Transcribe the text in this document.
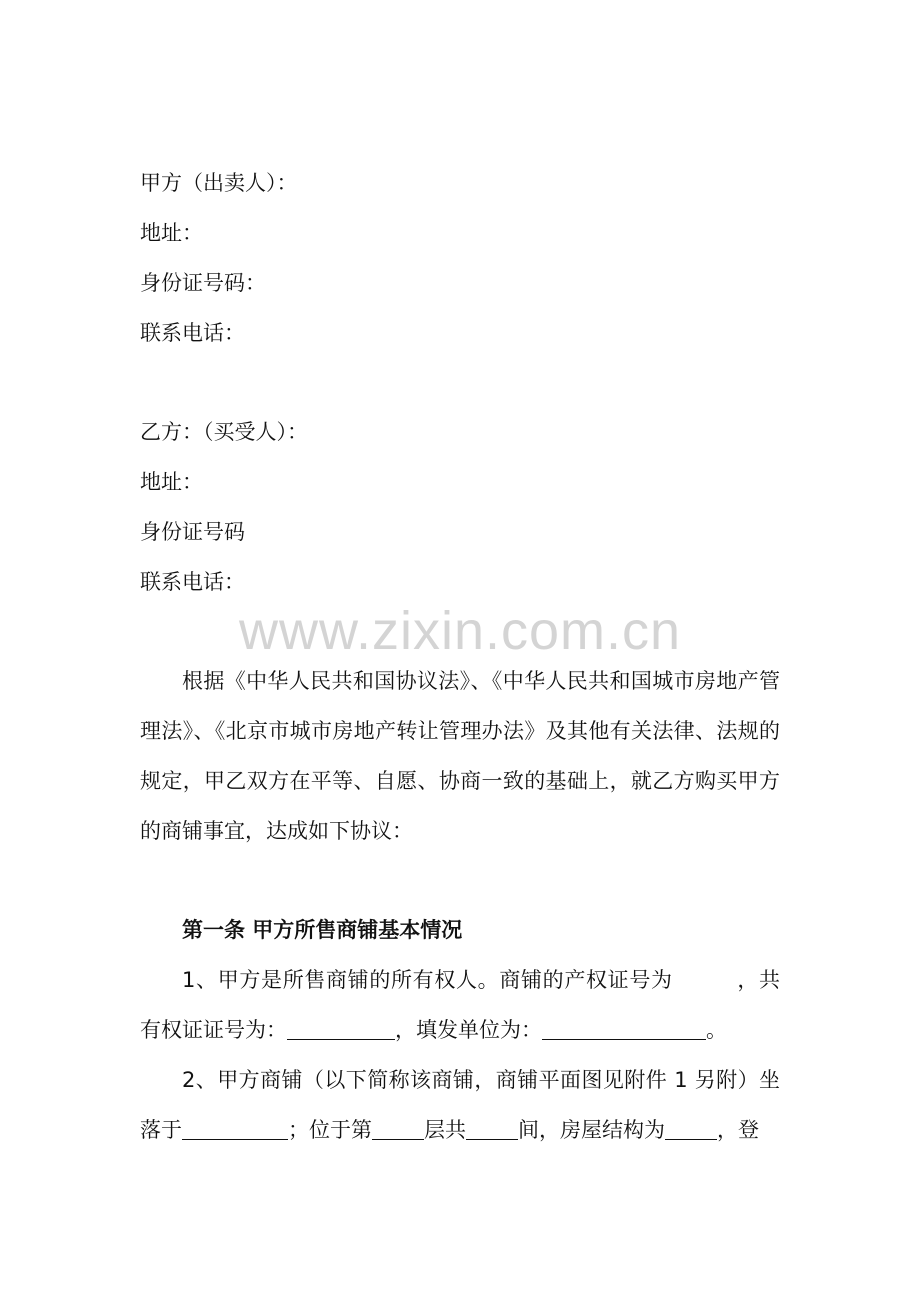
甲方（出卖人）：
地址：
身份证号码：
联系电话：
乙方：（买受人）：
地址：
身份证号码
联系电话：
www.zixin.com.cn
根据《中华人民共和国协议法》、《中华人民共和国城市房地产管理法》、《北京市城市房地产转让管理办法》及其他有关法律、法规的规定，甲乙双方在平等、自愿、协商一致的基础上，就乙方购买甲方的商铺事宜，达成如下协议：
第一条 甲方所售商铺基本情况
1、甲方是所售商铺的所有权人。商铺的产权证号为	，共有权证证号为：	，填发单位为：	。
2、甲方商铺（以下简称该商铺，商铺平面图见附件 1 另附）坐落于	；位于第 层共 间，房屋结构为 ，登
